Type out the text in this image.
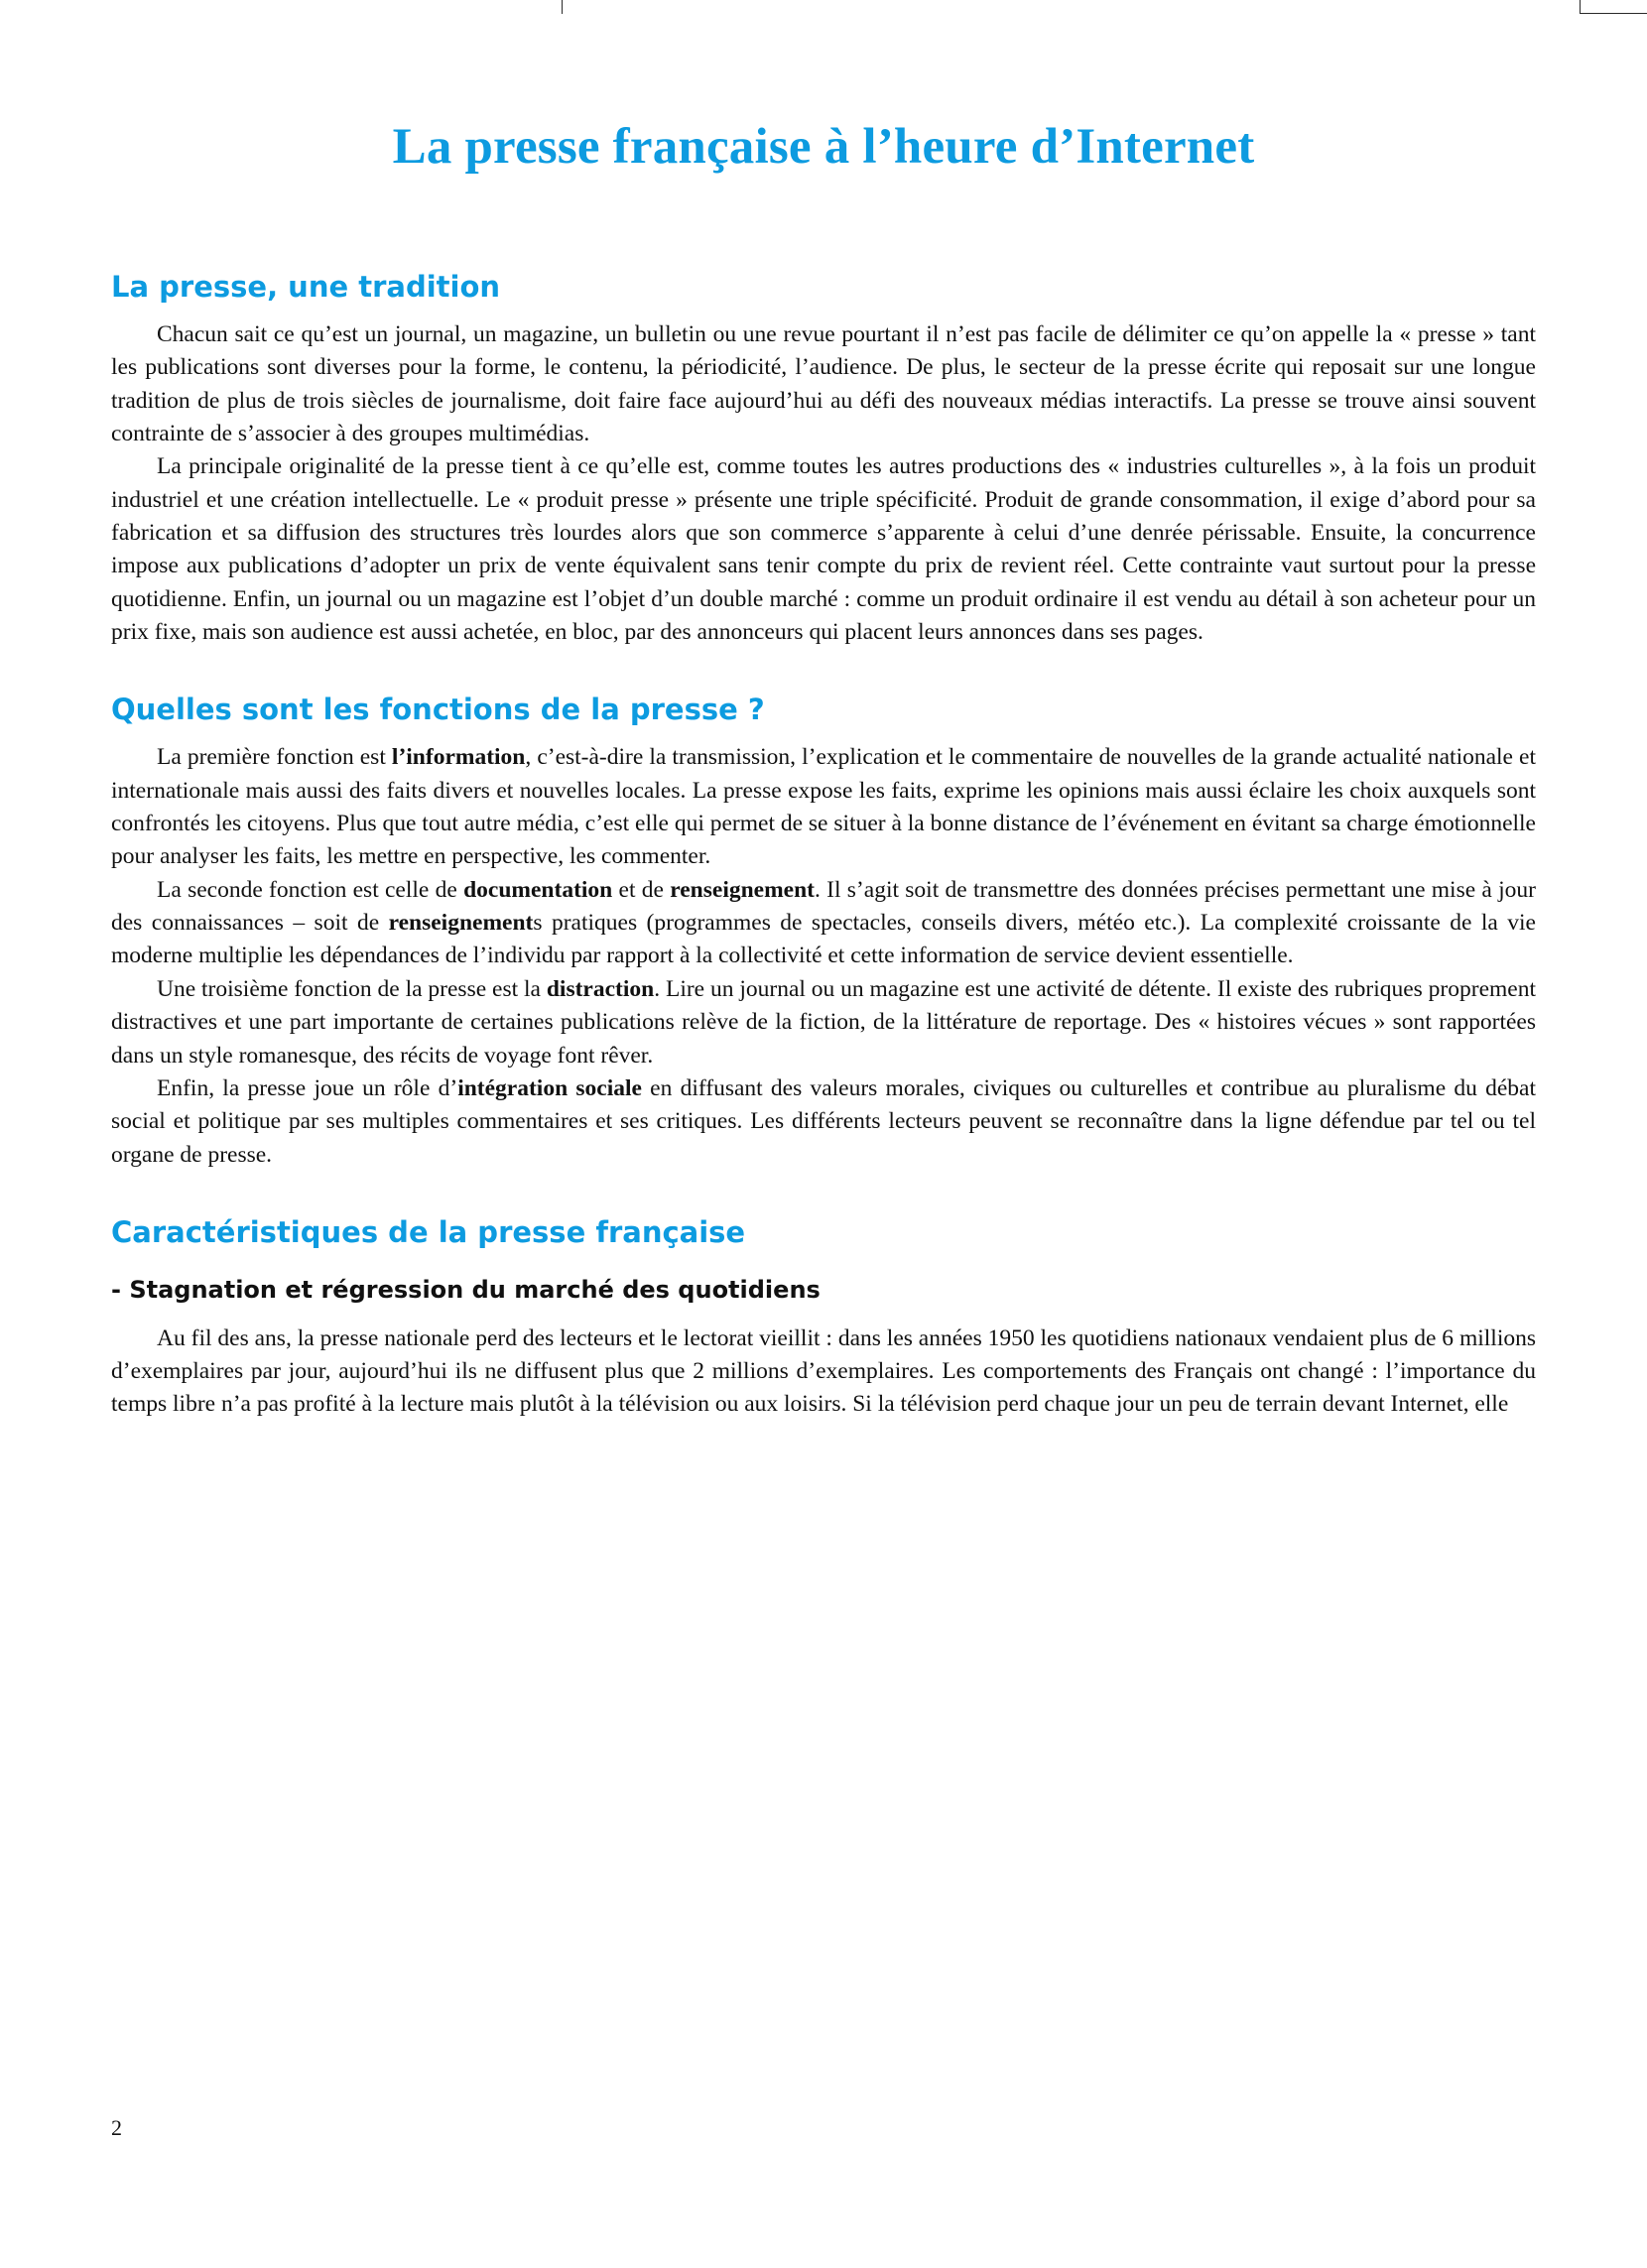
La presse française à l’heure d’Internet
La presse, une tradition

Chacun sait ce qu’est un journal, un magazine, un bulletin ou une revue pourtant il n’est pas facile de délimiter ce qu’on appelle la « presse » tant les publications sont diverses pour la forme, le contenu, la périodicité, l’audience. De plus, le secteur de la presse écrite qui reposait sur une longue tradition de plus de trois siècles de journalisme, doit faire face aujourd’hui au défi des nouveaux médias interactifs. La presse se trouve ainsi souvent contrainte de s’associer à des groupes multimédias.

La principale originalité de la presse tient à ce qu’elle est, comme toutes les autres productions des « industries culturelles », à la fois un produit industriel et une création intellectuelle. Le « produit presse » présente une triple spécificité. Produit de grande consommation, il exige d’abord pour sa fabrication et sa diffusion des structures très lourdes alors que son commerce s’apparente à celui d’une denrée périssable. Ensuite, la concurrence impose aux publications d’adopter un prix de vente équivalent sans tenir compte du prix de revient réel. Cette contrainte vaut surtout pour la presse quotidienne. Enfin, un journal ou un magazine est l’objet d’un double marché : comme un produit ordinaire il est vendu au détail à son acheteur pour un prix fixe, mais son audience est aussi achetée, en bloc, par des annonceurs qui placent leurs annonces dans ses pages.

Quelles sont les fonctions de la presse ?

La première fonction est l’information, c’est-à-dire la transmission, l’explication et le commentaire de nouvelles de la grande actualité nationale et internationale mais aussi des faits divers et nouvelles locales. La presse expose les faits, exprime les opinions mais aussi éclaire les choix auxquels sont confrontés les citoyens. Plus que tout autre média, c’est elle qui permet de se situer à la bonne distance de l’événement en évitant sa charge émotionnelle pour analyser les faits, les mettre en perspective, les commenter.

La seconde fonction est celle de documentation et de renseignement. Il s’agit soit de transmettre des données précises permettant une mise à jour des connaissances – soit de renseignements pratiques (programmes de spectacles, conseils divers, météo etc.). La complexité croissante de la vie moderne multiplie les dépendances de l’individu par rapport à la collectivité et cette information de service devient essentielle.

Une troisième fonction de la presse est la distraction. Lire un journal ou un magazine est une activité de détente. Il existe des rubriques proprement distractives et une part importante de certaines publications relève de la fiction, de la littérature de reportage. Des « histoires vécues » sont rapportées dans un style romanesque, des récits de voyage font rêver.

Enfin, la presse joue un rôle d’intégration sociale en diffusant des valeurs morales, civiques ou culturelles et contribue au pluralisme du débat social et politique par ses multiples commentaires et ses critiques. Les différents lecteurs peuvent se reconnaître dans la ligne défendue par tel ou tel organe de presse.

Caractéristiques de la presse française
- Stagnation et régression du marché des quotidiens

Au fil des ans, la presse nationale perd des lecteurs et le lectorat vieillit : dans les années 1950 les quotidiens nationaux vendaient plus de 6 millions d’exemplaires par jour, aujourd’hui ils ne diffusent plus que 2 millions d’exemplaires. Les comportements des Français ont changé : l’importance du temps libre n’a pas profité à la lecture mais plutôt à la télévision ou aux loisirs. Si la télévision perd chaque jour un peu de terrain devant Internet, elle

2
